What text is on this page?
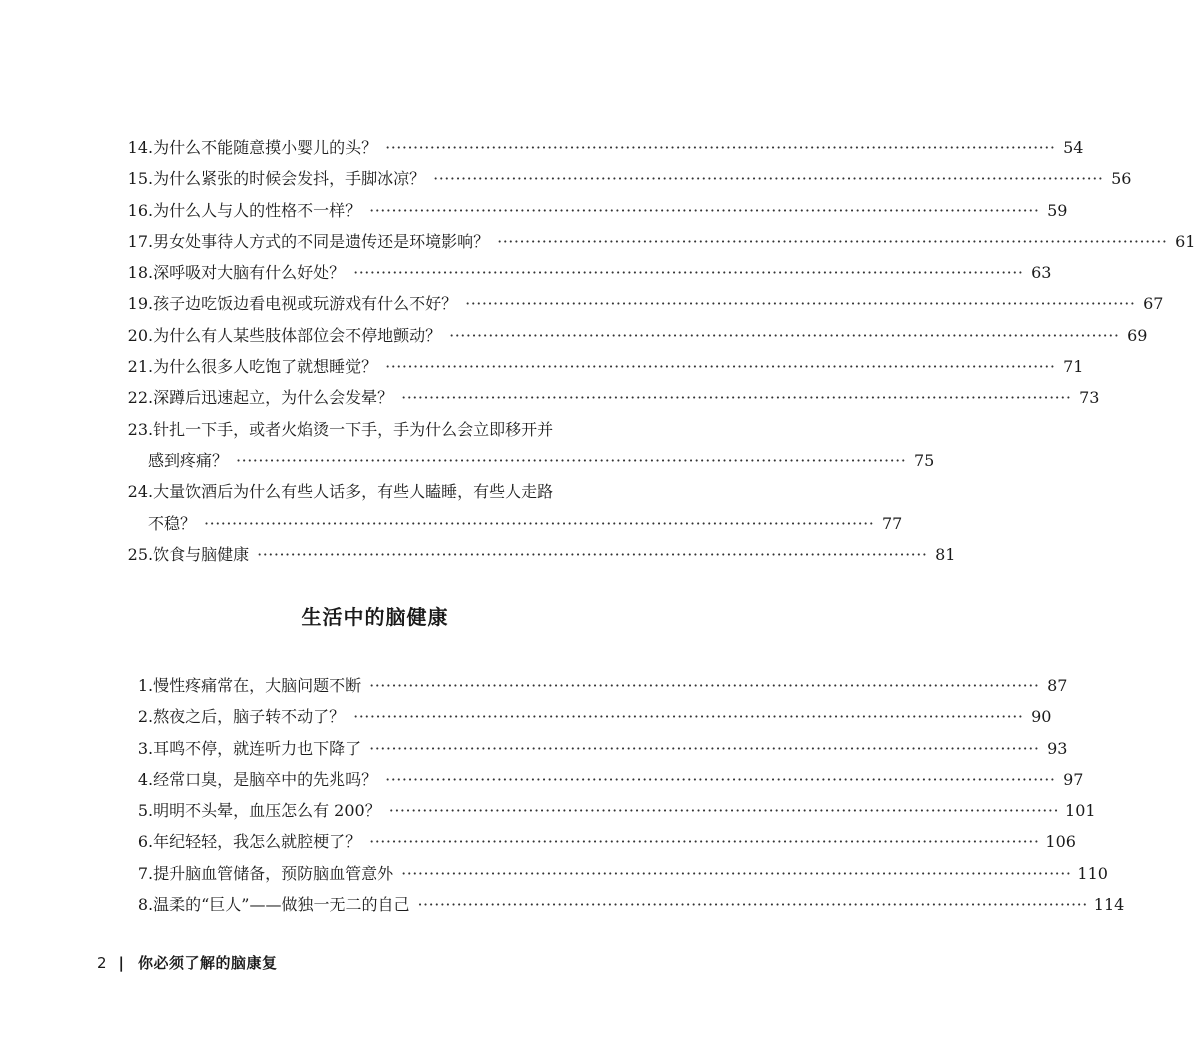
14 . 为什么不能随意摸小婴儿的头？ ························································································································ 54
15 . 为什么紧张的时候会发抖，手脚冰凉？ ························································································································ 56
16 . 为什么人与人的性格不一样？ ························································································································ 59
17 . 男女处事待人方式的不同是遗传还是环境影响？ ························································································································ 61
18 . 深呼吸对大脑有什么好处？ ························································································································ 63
19 . 孩子边吃饭边看电视或玩游戏有什么不好？ ························································································································ 67
20 . 为什么有人某些肢体部位会不停地颤动？ ························································································································ 69
21 . 为什么很多人吃饱了就想睡觉？ ························································································································ 71
22 . 深蹲后迅速起立，为什么会发晕？ ························································································································ 73
23 . 针扎一下手，或者火焰烫一下手，手为什么会立即移开并
感到疼痛？ ························································································································ 75
24 . 大量饮酒后为什么有些人话多，有些人瞌睡，有些人走路
不稳？ ························································································································ 77
25 . 饮食与脑健康 ························································································································ 81
生活中的脑健康
1 . 慢性疼痛常在，大脑问题不断 ························································································································ 87
2 . 熬夜之后，脑子转不动了？ ························································································································ 90
3 . 耳鸣不停，就连听力也下降了 ························································································································ 93
4 . 经常口臭，是脑卒中的先兆吗？ ························································································································ 97
5 . 明明不头晕，血压怎么有 200？ ························································································································ 101
6 . 年纪轻轻，我怎么就腔梗了？ ························································································································ 106
7 . 提升脑血管储备，预防脑血管意外 ························································································································ 110
8 . 温柔的“巨人”——做独一无二的自己 ························································································································ 114
2 | 你必须了解的脑康复
